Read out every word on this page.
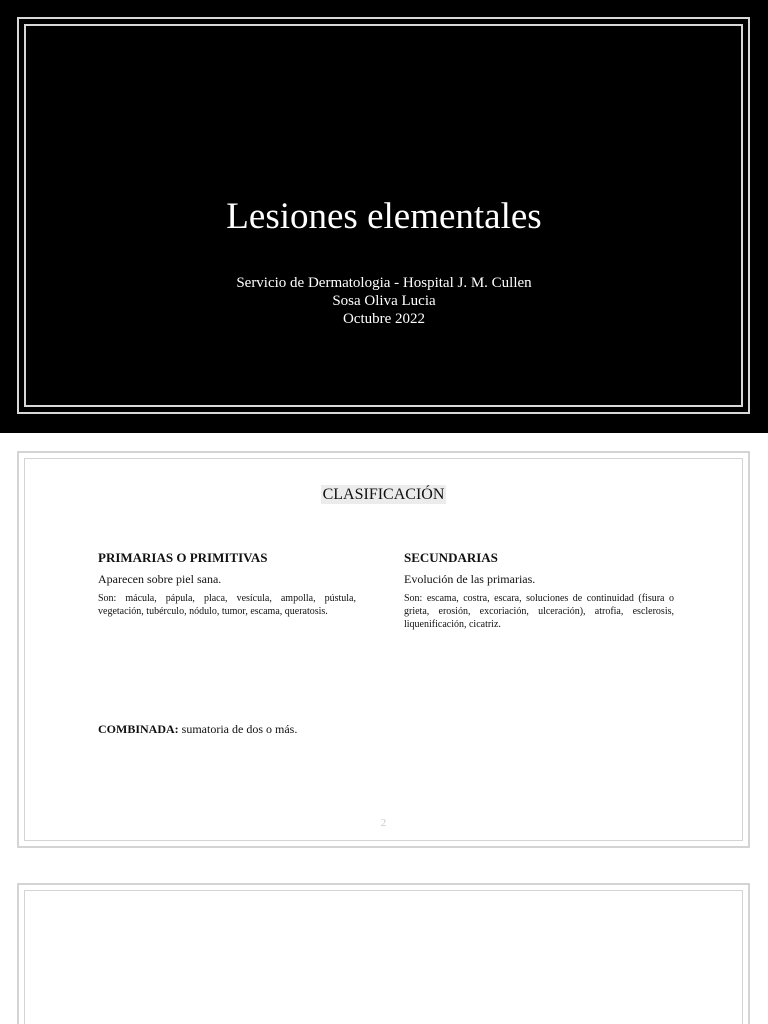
Lesiones elementales
Servicio de Dermatologia - Hospital J. M. Cullen
Sosa Oliva Lucia
Octubre 2022
CLASIFICACIÓN

PRIMARIAS O PRIMITIVAS

Aparecen sobre piel sana.

Son: mácula, pápula, placa, vesícula, ampolla, pústula, vegetación, tubérculo, nódulo, tumor, escama, queratosis.

SECUNDARIAS

Evolución de las primarias.

Son: escama, costra, escara, soluciones de continuidad (fisura o grieta, erosión, excoriación, ulceración), atrofia, esclerosis, liquenificación, cicatriz.

COMBINADA: sumatoria de dos o más.
2
